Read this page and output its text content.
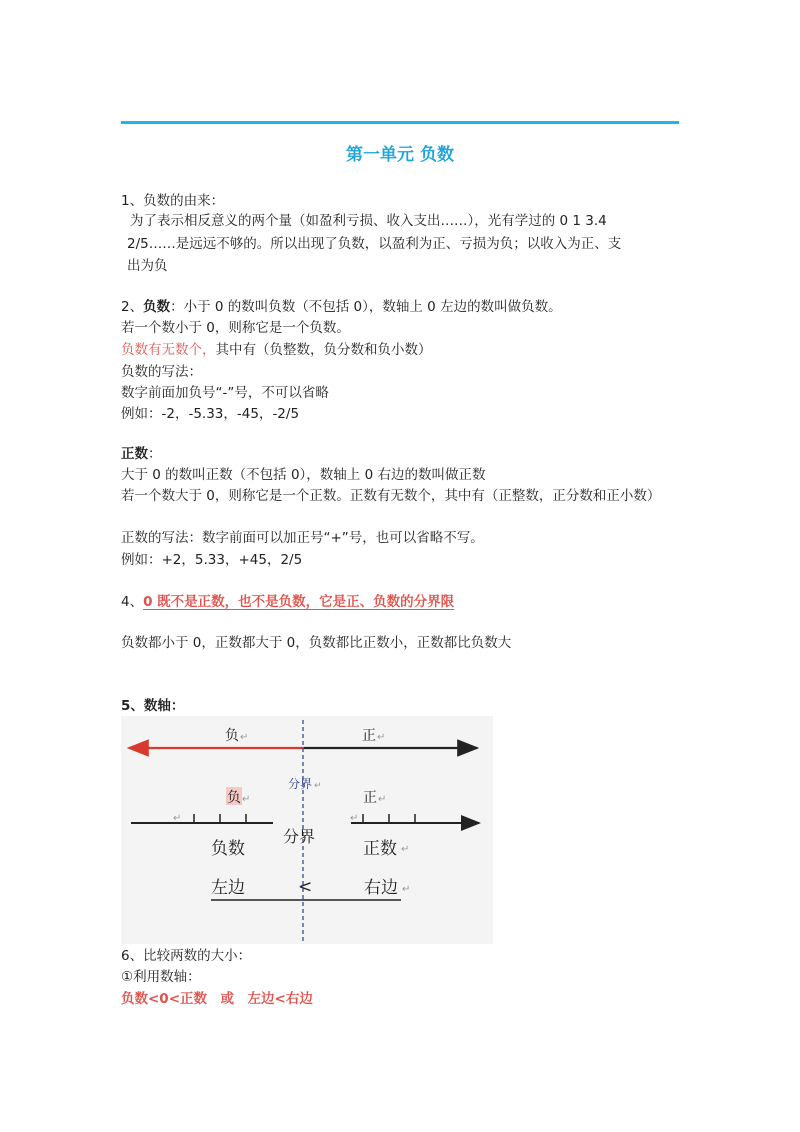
第一单元 负数
1、负数的由来：
为了表示相反意义的两个量（如盈利亏损、收入支出……），光有学过的 0 1 3.4
2/5……是远远不够的。所以出现了负数，以盈利为正、亏损为负；以收入为正、支
出为负
2、负数：小于 0 的数叫负数（不包括 0），数轴上 0 左边的数叫做负数。
若一个数小于 0，则称它是一个负数。
负数有无数个，其中有（负整数，负分数和负小数）
负数的写法：
数字前面加负号“-”号，不可以省略
例如：-2，-5.33，-45，-2/5
正数：
大于 0 的数叫正数（不包括 0），数轴上 0 右边的数叫做正数
若一个数大于 0，则称它是一个正数。正数有无数个，其中有（正整数，正分数和正小数）
正数的写法：数字前面可以加正号“+”号，也可以省略不写。
例如：+2，5.33，+45，2/5
4、0 既不是正数，也不是负数，它是正、负数的分界限
负数都小于 0，正数都大于 0，负数都比正数小，正数都比负数大
5、数轴：
负 ↵	正 ↵
分界 ↵
负 ↵	正 ↵
↵	↵
分界
负数	正数 ↵
左边	<	右边 ↵
6、比较两数的大小：
①利用数轴：
负数<0<正数　或　左边<右边
